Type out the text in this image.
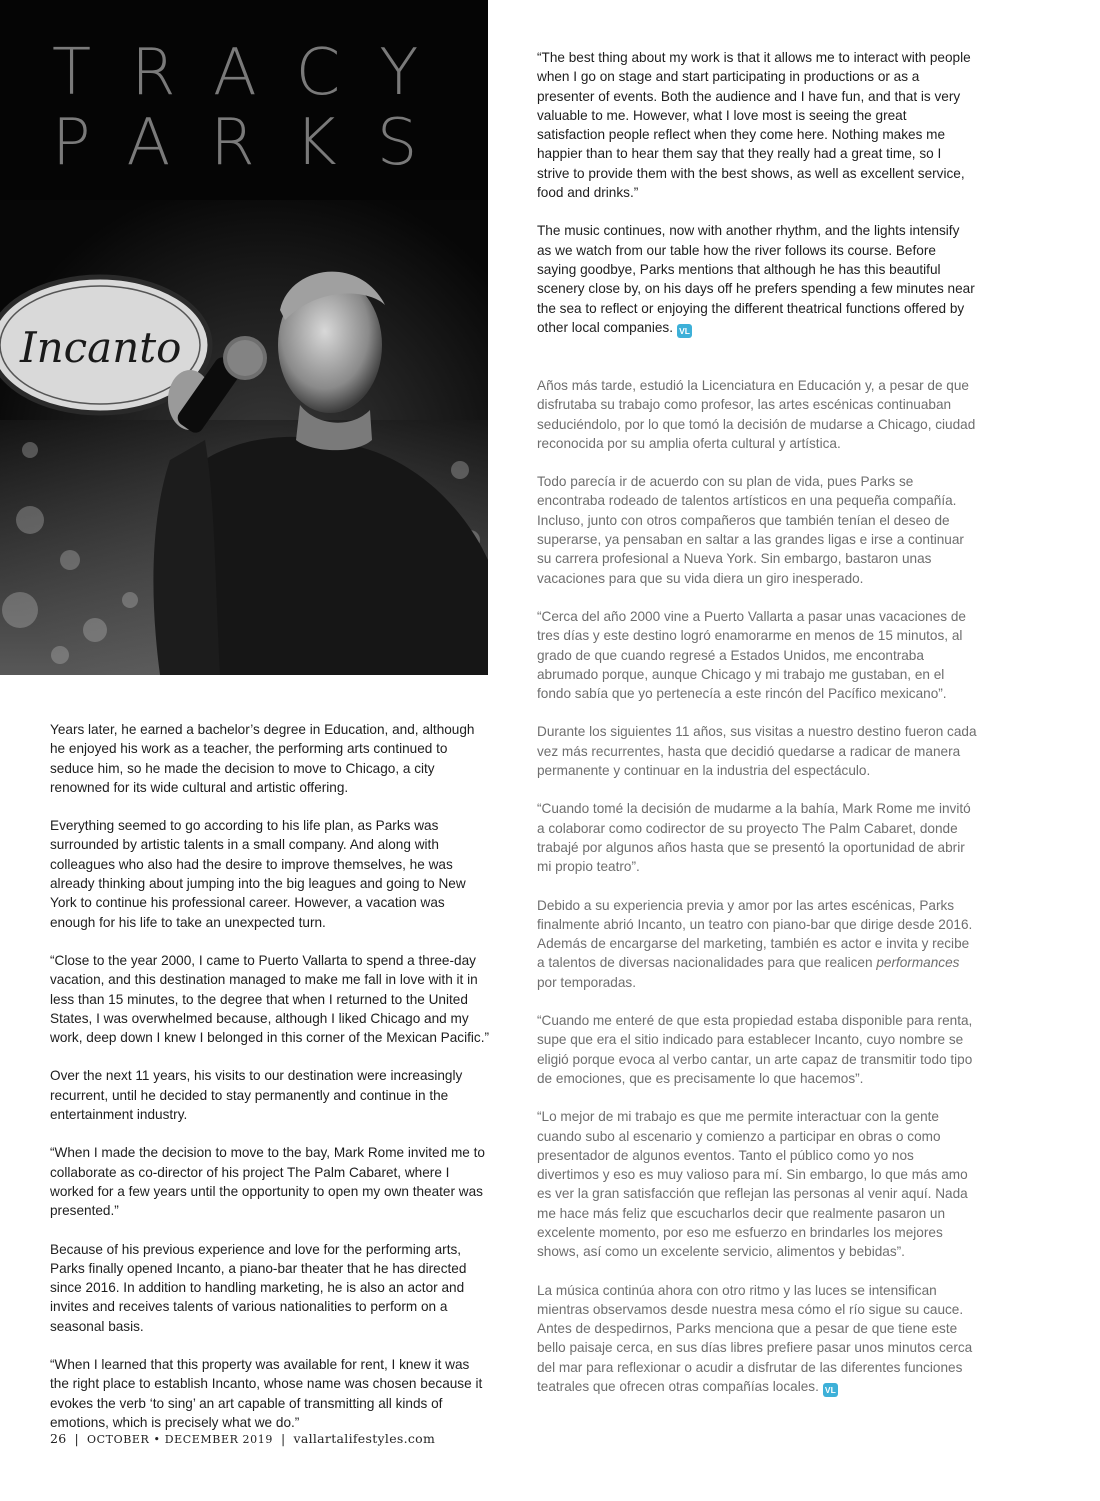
Incanto
TRACY
PARKS

Years later, he earned a bachelor’s degree in Education, and, although he enjoyed his work as a teacher, the performing arts continued to seduce him, so he made the decision to move to Chicago, a city renowned for its wide cultural and artistic offering.

Everything seemed to go according to his life plan, as Parks was surrounded by artistic talents in a small company. And along with colleagues who also had the desire to improve themselves, he was already thinking about jumping into the big leagues and going to New York to continue his professional career. However, a vacation was enough for his life to take an unexpected turn.

“Close to the year 2000, I came to Puerto Vallarta to spend a three-day vacation, and this destination managed to make me fall in love with it in less than 15 minutes, to the degree that when I returned to the United States, I was overwhelmed because, although I liked Chicago and my work, deep down I knew I belonged in this corner of the Mexican Pacific.”

Over the next 11 years, his visits to our destination were increasingly recurrent, until he decided to stay permanently and continue in the entertainment industry.

“When I made the decision to move to the bay, Mark Rome invited me to collaborate as co-director of his project The Palm Cabaret, where I worked for a few years until the opportunity to open my own theater was presented.”

Because of his previous experience and love for the performing arts, Parks finally opened Incanto, a piano-bar theater that he has directed since 2016. In addition to handling marketing, he is also an actor and invites and receives talents of various nationalities to perform on a seasonal basis.

“When I learned that this property was available for rent, I knew it was the right place to establish Incanto, whose name was chosen because it evokes the verb ‘to sing’ an art capable of transmitting all kinds of emotions, which is precisely what we do.”

“The best thing about my work is that it allows me to interact with people when I go on stage and start participating in productions or as a presenter of events. Both the audience and I have fun, and that is very valuable to me. However, what I love most is seeing the great satisfaction people reflect when they come here. Nothing makes me happier than to hear them say that they really had a great time, so I strive to provide them with the best shows, as well as excellent service, food and drinks.”

The music continues, now with another rhythm, and the lights intensify as we watch from our table how the river follows its course. Before saying goodbye, Parks mentions that although he has this beautiful scenery close by, on his days off he prefers spending a few minutes near the sea to reflect or enjoying the different theatrical functions offered by other local companies. VL

Años más tarde, estudió la Licenciatura en Educación y, a pesar de que disfrutaba su trabajo como profesor, las artes escénicas continuaban seduciéndolo, por lo que tomó la decisión de mudarse a Chicago, ciudad reconocida por su amplia oferta cultural y artística.

Todo parecía ir de acuerdo con su plan de vida, pues Parks se encontraba rodeado de talentos artísticos en una pequeña compañía. Incluso, junto con otros compañeros que también tenían el deseo de superarse, ya pensaban en saltar a las grandes ligas e irse a continuar su carrera profesional a Nueva York. Sin embargo, bastaron unas vacaciones para que su vida diera un giro inesperado.

“Cerca del año 2000 vine a Puerto Vallarta a pasar unas vacaciones de tres días y este destino logró enamorarme en menos de 15 minutos, al grado de que cuando regresé a Estados Unidos, me encontraba abrumado porque, aunque Chicago y mi trabajo me gustaban, en el fondo sabía que yo pertenecía a este rincón del Pacífico mexicano”.

Durante los siguientes 11 años, sus visitas a nuestro destino fueron cada vez más recurrentes, hasta que decidió quedarse a radicar de manera permanente y continuar en la industria del espectáculo.

“Cuando tomé la decisión de mudarme a la bahía, Mark Rome me invitó a colaborar como codirector de su proyecto The Palm Cabaret, donde trabajé por algunos años hasta que se presentó la oportunidad de abrir mi propio teatro”.

Debido a su experiencia previa y amor por las artes escénicas, Parks finalmente abrió Incanto, un teatro con piano-bar que dirige desde 2016. Además de encargarse del marketing, también es actor e invita y recibe a talentos de diversas nacionalidades para que realicen performances por temporadas.

“Cuando me enteré de que esta propiedad estaba disponible para renta, supe que era el sitio indicado para establecer Incanto, cuyo nombre se eligió porque evoca al verbo cantar, un arte capaz de transmitir todo tipo de emociones, que es precisamente lo que hacemos”.

“Lo mejor de mi trabajo es que me permite interactuar con la gente cuando subo al escenario y comienzo a participar en obras o como presentador de algunos eventos. Tanto el público como yo nos divertimos y eso es muy valioso para mí. Sin embargo, lo que más amo es ver la gran satisfacción que reflejan las personas al venir aquí. Nada me hace más feliz que escucharlos decir que realmente pasaron un excelente momento, por eso me esfuerzo en brindarles los mejores shows, así como un excelente servicio, alimentos y bebidas”.

La música continúa ahora con otro ritmo y las luces se intensifican mientras observamos desde nuestra mesa cómo el río sigue su cauce. Antes de despedirnos, Parks menciona que a pesar de que tiene este bello paisaje cerca, en sus días libres prefiere pasar unos minutos cerca del mar para reflexionar o acudir a disfrutar de las diferentes funciones teatrales que ofrecen otras compañías locales. VL

26 | OCTOBER • DECEMBER 2019 | vallartalifestyles.com
